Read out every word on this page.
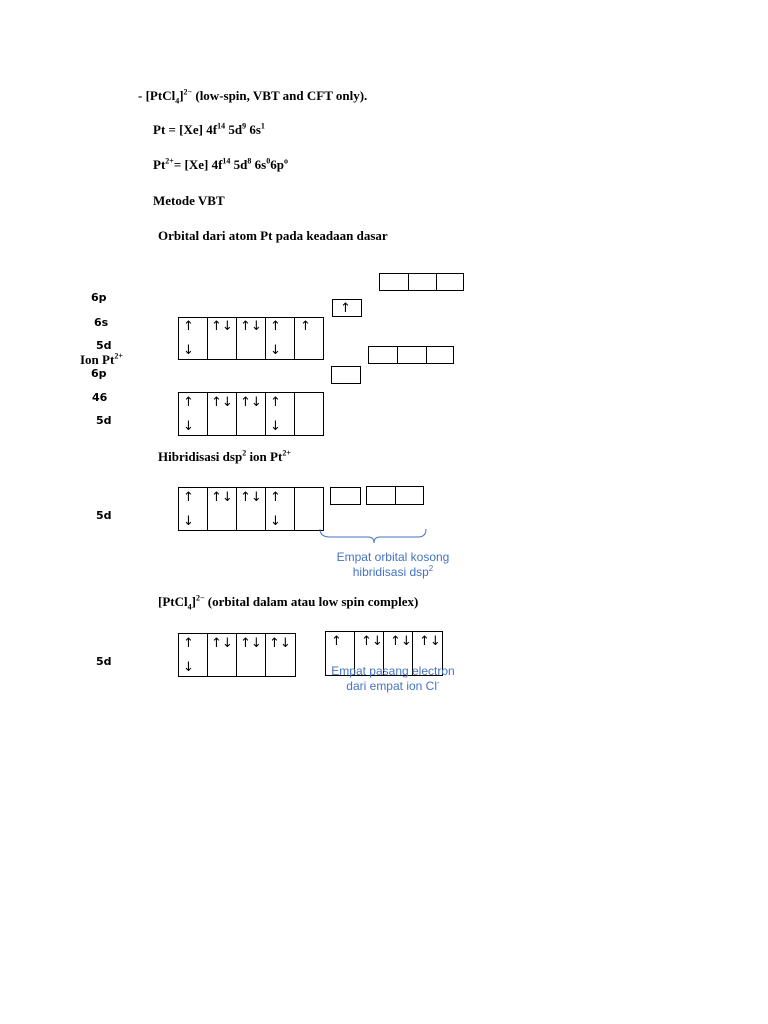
- [PtCl$_4$]$^{2-}$ (low-spin, VBT and CFT only).
Pt = [Xe] $4f^{14}$ $5d^9$ $6s^1$
$Pt^{2+}= [Xe]$ $4f^{14}$ $5d^8$ $6s^06p^o$
Metode VBT
Orbital dari atom Pt pada keadaan dasar
6p
6s
5d
Ion $Pt^{2+}$
6p
46
5d
5d
5d
↑
↑
↓
↑↓ ↑↓ ↑
↓
↑
↑
↓
↑↓ ↑↓ ↑
↓
Hibridisasi dsp$^2$ ion $Pt^{2+}$
↑
↓
↑↓ ↑↓ ↑
↓
Empat orbital kosong
hibridisasi dsp$^2$
[PtCl$_4$]$^{2-}$ (orbital dalam atau low spin complex)
↑
↓
↑↓ ↑↓ ↑↓	↑ ↑↓ ↑↓ ↑↓
Empat pasang electron
dari empat ion Cl-
